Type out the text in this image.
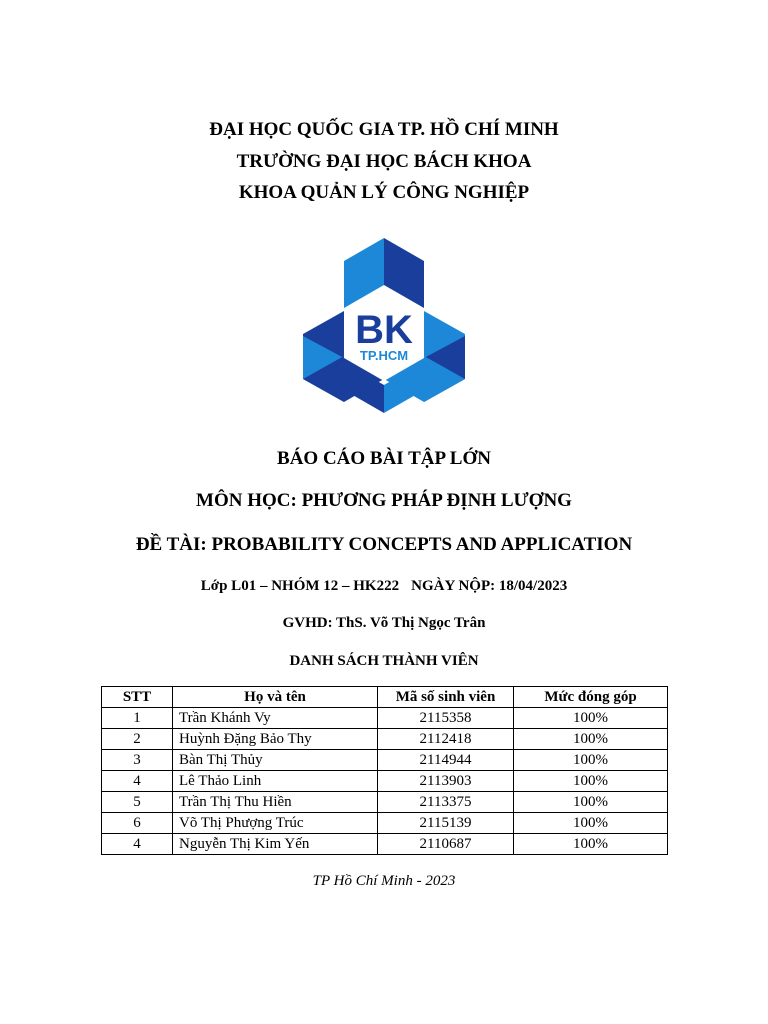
ĐẠI HỌC QUỐC GIA TP. HỒ CHÍ MINH
TRƯỜNG ĐẠI HỌC BÁCH KHOA
KHOA QUẢN LÝ CÔNG NGHIỆP
BK
TP.HCM
BÁO CÁO BÀI TẬP LỚN
MÔN HỌC: PHƯƠNG PHÁP ĐỊNH LƯỢNG
ĐỀ TÀI: PROBABILITY CONCEPTS AND APPLICATION
Lớp L01 – NHÓM 12 – HK222 NGÀY NỘP: 18/04/2023
GVHD: ThS. Võ Thị Ngọc Trân
DANH SÁCH THÀNH VIÊN
STT	Họ và tên	Mã số sinh viên	Mức đóng góp
1	Trần Khánh Vy	2115358	100%
2	Huỳnh Đặng Bảo Thy	2112418	100%
3	Bàn Thị Thủy	2114944	100%
4	Lê Thảo Linh	2113903	100%
5	Trần Thị Thu Hiền	2113375	100%
6	Võ Thị Phượng Trúc	2115139	100%
4	Nguyễn Thị Kim Yến	2110687	100%
TP Hồ Chí Minh - 2023
